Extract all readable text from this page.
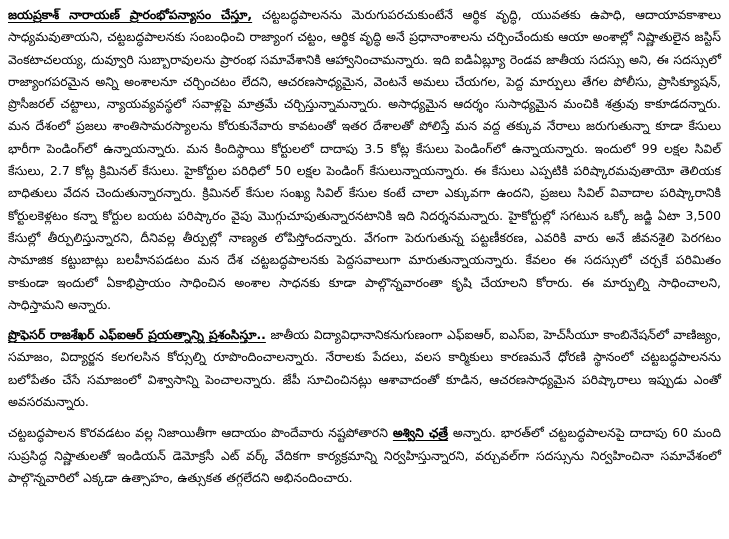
జయప్రకాశ్ నారాయణ్ ప్రారంభోపన్యాసం చేస్తూ, చట్టబద్ధపాలనను మెరుగుపరచుకుంటేనే ఆర్థిక వృద్ధి, యువతకు ఉపాధి, ఆదాయావకాశాలు సాధ్యమవుతాయని, చట్టబద్ధపాలనకు సంబంధించి రాజ్యాంగ చట్టం, ఆర్థిక వృద్ధి అనే ప్రధానాంశాలను చర్చించేందుకు ఆయా అంశాల్లో నిష్ణాతులైన జస్టిస్ వెంకటాచలయ్య, దువ్వూరి సుబ్బారావులను ప్రారంభ సమావేశానికి ఆహ్వానించామన్నారు. ఇది ఐడిఏబ్ల్యూ రెండవ జాతీయ సదస్సు అని, ఈ సదస్సులో రాజ్యాంగపరమైన అన్ని అంశాలనూ చర్చించటం లేదని, ఆచరణసాధ్యమైన, వెంటనే అమలు చేయగల, పెద్ద మార్పులు తేగల పోలీసు, ప్రాసిక్యూషన్, ప్రొసీజరల్ చట్టాలు, న్యాయవ్యవస్థలో సవాళ్లపై మాత్రమే చర్చిస్తున్నామన్నారు. అసాధ్యమైన ఆదర్శం సుసాధ్యమైన మంచికి శత్రువు కాకూడదన్నారు. మన దేశంలో ప్రజలు శాంతిసామరస్యాలను కోరుకునేవారు కావటంతో ఇతర దేశాలతో పోలిస్తే మన వద్ద తక్కువ నేరాలు జరుగుతున్నా కూడా కేసులు భారీగా పెండింగ్‌లో ఉన్నాయన్నారు. మన కిందిస్థాయి కోర్టులలో దాదాపు 3.5 కోట్ల కేసులు పెండింగ్‌లో ఉన్నాయన్నారు. ఇందులో 99 లక్షల సివిల్ కేసులు, 2.7 కోట్ల క్రిమినల్ కేసులు. హైకోర్టుల పరిధిలో 50 లక్షల పెండింగ్ కేసులున్నాయన్నారు. ఈ కేసులు ఎప్పటికి పరిష్కారమవుతాయో తెలియక బాధితులు వేదన చెందుతున్నారన్నారు. క్రిమినల్ కేసుల సంఖ్య సివిల్ కేసుల కంటే చాలా ఎక్కువగా ఉందని, ప్రజలు సివిల్ వివాదాల పరిష్కారానికి కోర్టులకెళ్లటం కన్నా కోర్టుల బయట పరిష్కారం వైపు మొగ్గుచూపుతున్నారనటానికి ఇది నిదర్శనమన్నారు. హైకోర్టుల్లో సగటున ఒక్కో జడ్జి ఏటా 3,500 కేసుల్లో తీర్పులిస్తున్నారని, దీనివల్ల తీర్పుల్లో నాణ్యత లోపిస్తోందన్నారు. వేగంగా పెరుగుతున్న పట్టణీకరణ, ఎవరికి వారు అనే జీవనశైలి పెరగటం సామాజిక కట్టుబాట్లు బలహీనపడటం మన దేశ చట్టబద్ధపాలనకు పెద్దసవాలుగా మారుతున్నాయన్నారు. కేవలం ఈ సదస్సులో చర్చకే పరిమితం కాకుండా ఇందులో ఏకాభిప్రాయం సాధించిన అంశాల సాధనకు కూడా పాల్గొన్నవారంతా కృషి చేయాలని కోరారు. ఈ మార్పుల్ని సాధించాలని, సాధిస్తామని అన్నారు.

ప్రొఫెసర్ రాజశేఖర్ ఎఫ్ఐఆర్ ప్రయత్నాన్ని ప్రశంసిస్తూ.. జాతీయ విద్యావిధానానికనుగుణంగా ఎఫ్ఐఆర్, ఐఎస్ఐ, హెచ్‌సీయూ కాంబినేషన్‌లో వాణిజ్యం, సమాజం, విద్యార్జన కలగలసిన కోర్సుల్ని రూపొందించాలన్నారు. నేరాలకు పేదలు, వలస కార్మికులు కారణమనే ధోరణి స్థానంలో చట్టబద్ధపాలనను బలోపేతం చేసే సమాజంలో విశ్వాసాన్ని పెంచాలన్నారు. జేపీ సూచించినట్లు ఆశావాదంతో కూడిన, ఆచరణసాధ్యమైన పరిష్కారాలు ఇప్పుడు ఎంతో అవసరమన్నారు.

చట్టబద్ధపాలన కొరవడటం వల్ల నిజాయితీగా ఆదాయం పొందేవారు నష్టపోతారని అశ్విని ఛత్రే అన్నారు. భారత్‌లో చట్టబద్ధపాలనపై దాదాపు 60 మంది సుప్రసిద్ధ నిష్ణాతులతో ఇండియన్ డెమోక్రసీ ఎట్ వర్క్ వేదికగా కార్యక్రమాన్ని నిర్వహిస్తున్నారని, వర్చువల్‌గా సదస్సును నిర్వహించినా సమావేశంలో పాల్గొన్నవారిలో ఎక్కడా ఉత్సాహం, ఉత్సుకత తగ్గలేదని అభినందించారు.
